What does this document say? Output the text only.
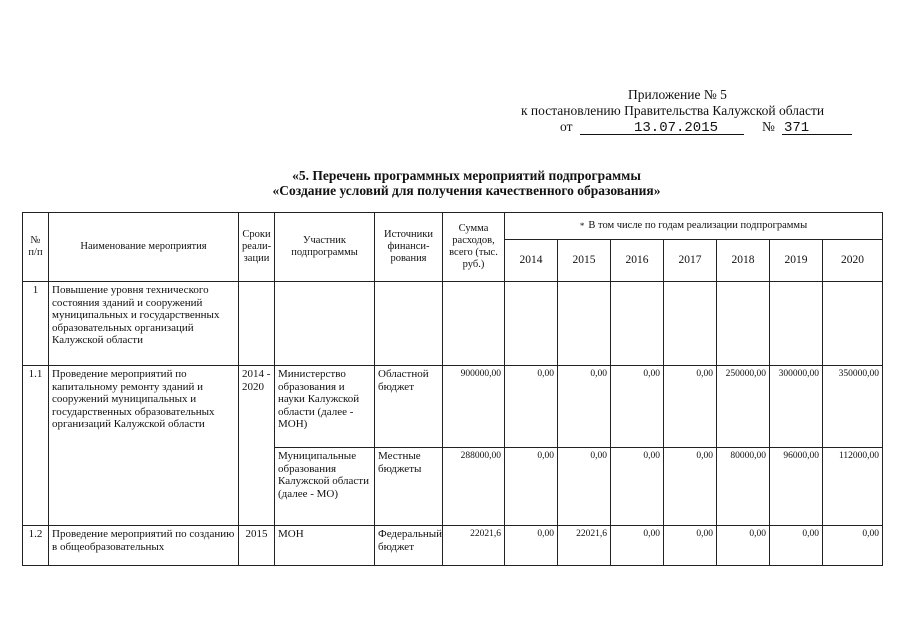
Приложение № 5
к постановлению Правительства Калужской области
от	13.07.2015	№ 371
«5. Перечень программных мероприятий подпрограммы
«Создание условий для получения качественного образования»
№ п/п	Наименование мероприятия	Сроки реали-зации	Участник подпрограммы	Источники финанси-рования	Сумма расходов, всего (тыс. руб.)	* В том числе по годам реализации подпрограммы						
						2014	2015	2016	2017	2018	2019	2020
1	Повышение уровня технического состояния зданий и сооружений муниципальных и государственных образовательных организаций Калужской области											
1.1	Проведение мероприятий по капитальному ремонту зданий и сооружений муниципальных и государственных образовательных организаций Калужской области	2014 - 2020	Министерство образования и науки Калужской области (далее - МОН)	Областной бюджет	900000,00	0,00	0,00	0,00	0,00	250000,00	300000,00	350000,00
			Муниципальные образования Калужской области (далее - МО)	Местные бюджеты	288000,00	0,00	0,00	0,00	0,00	80000,00	96000,00	112000,00
1.2	Проведение мероприятий по созданию в общеобразовательных	2015	МОН	Федеральный бюджет	22021,6	0,00	22021,6	0,00	0,00	0,00	0,00	0,00
